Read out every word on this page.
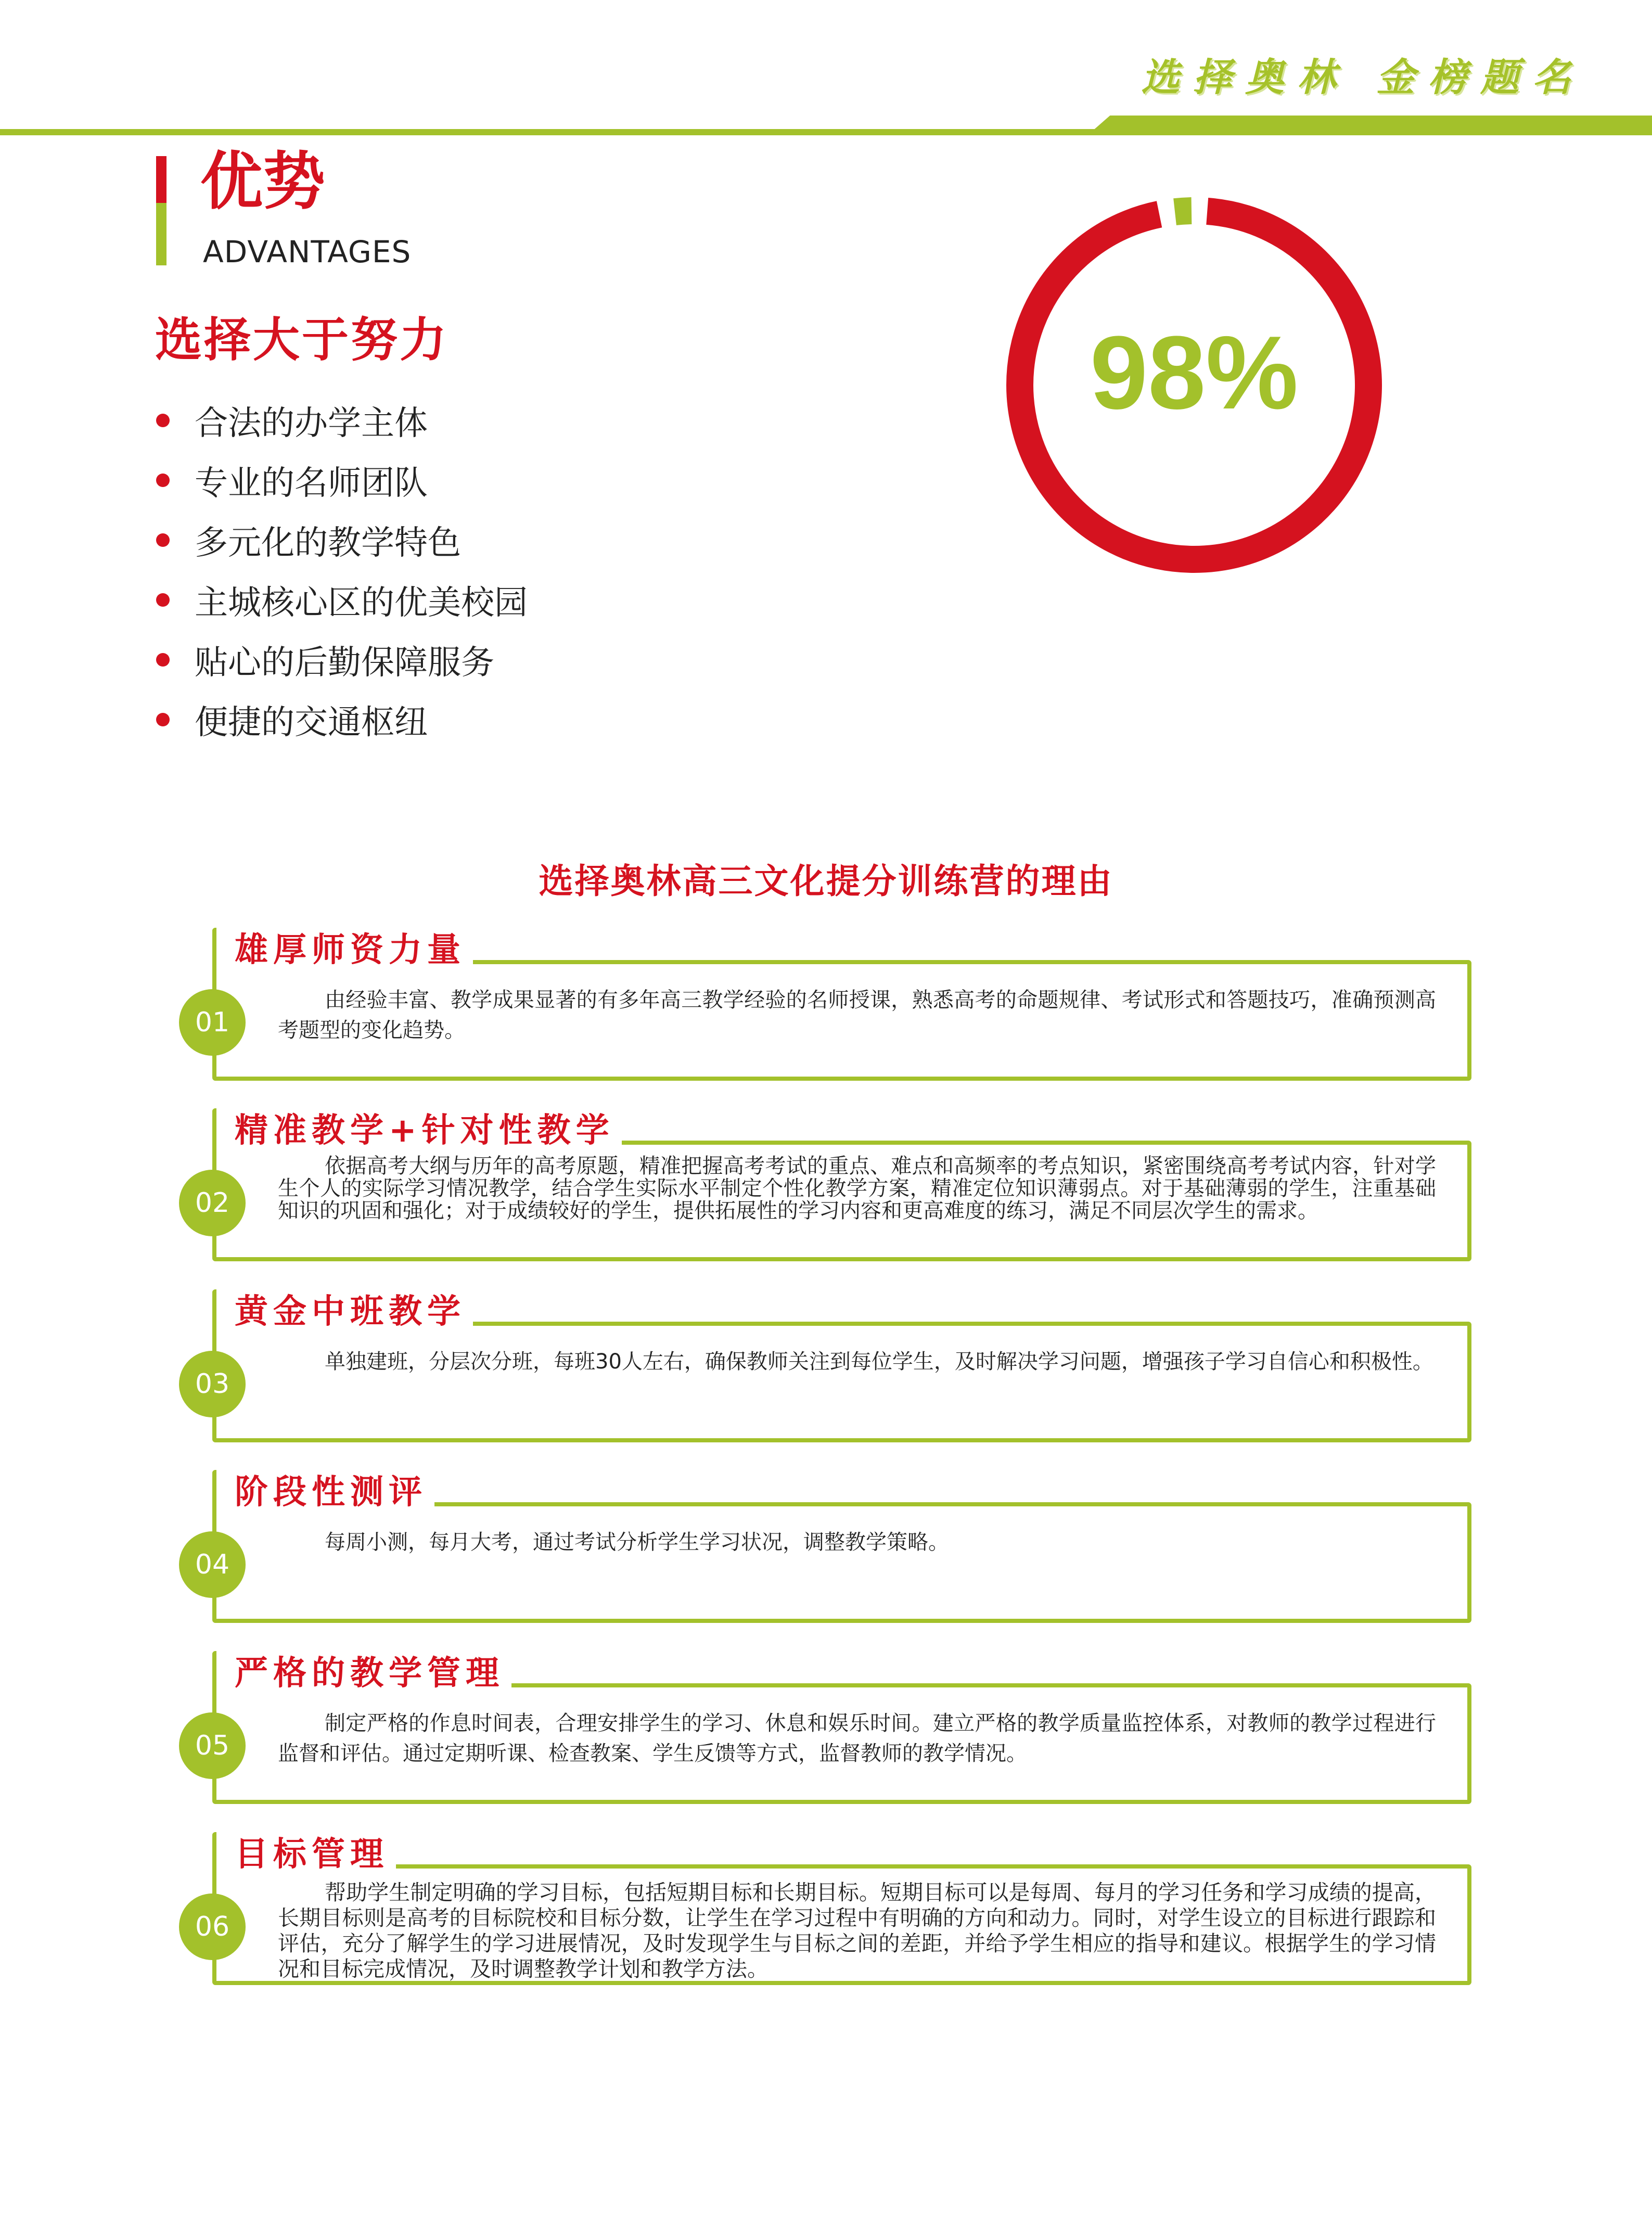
选择奥林 金榜题名
优势
ADVANTAGES
选择大于努力
合法的办学主体
专业的名师团队
多元化的教学特色
主城核心区的优美校园
贴心的后勤保障服务
便捷的交通枢纽
98%
选择奥林高三文化提分训练营的理由
雄厚师资力量
01
由经验丰富、教学成果显著的有多年高三教学经验的名师授课，熟悉高考的命题规律、考试形式和答题技巧，准确预测高考题型的变化趋势。
精准教学+针对性教学
02
依据高考大纲与历年的高考原题，精准把握高考考试的重点、难点和高频率的考点知识，紧密围绕高考考试内容，针对学生个人的实际学习情况教学，结合学生实际水平制定个性化教学方案，精准定位知识薄弱点。对于基础薄弱的学生，注重基础知识的巩固和强化；对于成绩较好的学生，提供拓展性的学习内容和更高难度的练习，满足不同层次学生的需求。
黄金中班教学
03
单独建班，分层次分班，每班30人左右，确保教师关注到每位学生，及时解决学习问题，增强孩子学习自信心和积极性。
阶段性测评
04
每周小测，每月大考，通过考试分析学生学习状况，调整教学策略。
严格的教学管理
05
制定严格的作息时间表，合理安排学生的学习、休息和娱乐时间。建立严格的教学质量监控体系，对教师的教学过程进行监督和评估。通过定期听课、检查教案、学生反馈等方式，监督教师的教学情况。
目标管理
06
帮助学生制定明确的学习目标，包括短期目标和长期目标。短期目标可以是每周、每月的学习任务和学习成绩的提高，长期目标则是高考的目标院校和目标分数，让学生在学习过程中有明确的方向和动力。同时，对学生设立的目标进行跟踪和评估，充分了解学生的学习进展情况，及时发现学生与目标之间的差距，并给予学生相应的指导和建议。根据学生的学习情况和目标完成情况，及时调整教学计划和教学方法。
